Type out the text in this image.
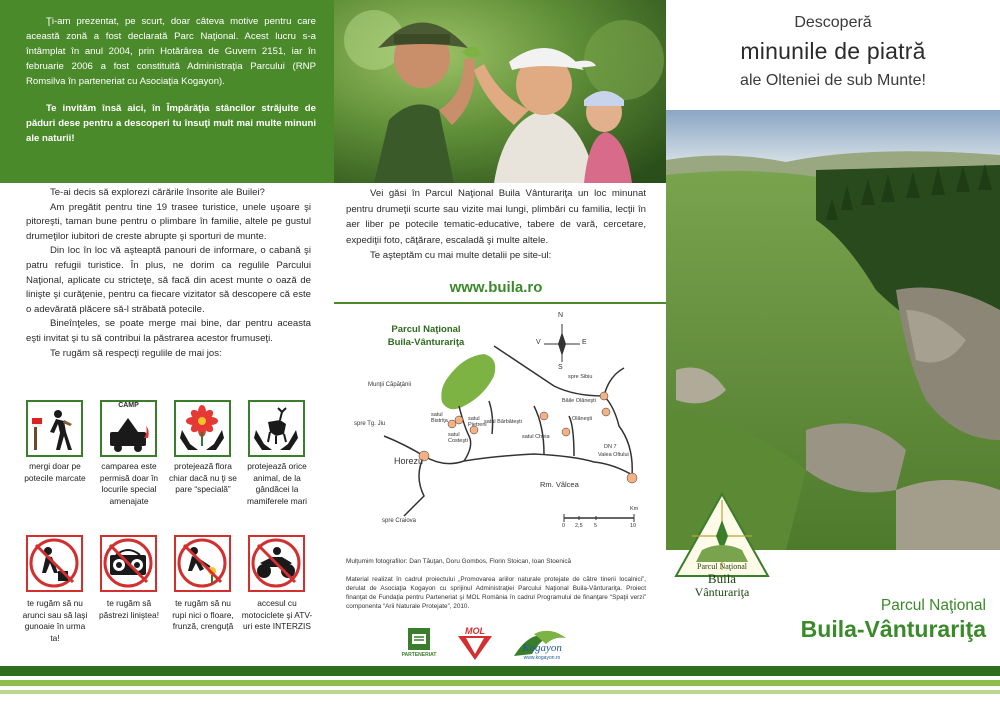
Ţi-am prezentat, pe scurt, doar câteva motive pentru care această zonă a fost declarată Parc Naţional. Acest lucru s-a întâmplat în anul 2004, prin Hotărârea de Guvern 2151, iar în februarie 2006 a fost constituită Administraţia Parcului (RNP Romsilva în parteneriat cu Asociaţia Kogayon).

Te invităm însă aici, în Împărăţia stâncilor străjuite de păduri dese pentru a descoperi tu însuţi mult mai multe minuni ale naturii!

Descoperă
minunile de piatră
ale Olteniei de sub Munte!
Parcul Naţional
Buila
Vânturariţa
Parcul Naţional
Buila-Vânturariţa

Te-ai decis să explorezi cărările însorite ale Builei?

Am pregătit pentru tine 19 trasee turistice, unele uşoare şi pitoreşti, taman bune pentru o plimbare în familie, altele pe gustul drumeţilor iubitori de creste abrupte şi sporturi de munte.

Din loc în loc vă aşteaptă panouri de informare, o cabană şi patru refugii turistice. În plus, ne dorim ca regulile Parcului Naţional, aplicate cu stricteţe, să facă din acest munte o oază de linişte şi curăţenie, pentru ca fiecare vizitator să descopere că este o adevărată plăcere să-l străbată potecile.

Bineînţeles, se poate merge mai bine, dar pentru aceasta eşti invitat şi tu să contribui la păstrarea acestor frumuseţi.

Te rugăm să respecţi regulile de mai jos:

CAMP
mergi doar pe potecile marcate
camparea este permisă doar în locurile special amenajate
protejează flora chiar dacă nu ţi se pare “specială”
protejează orice animal, de la gândăcei la mamiferele mari
te rugăm să nu arunci sau să laşi gunoaie în urma ta!
te rugăm să păstrezi liniştea!
te rugăm să nu rupi nici o floare, frunză, crenguţă
accesul cu motociclete şi ATV-uri este INTERZIS

Vei găsi în Parcul Naţional Buila Vânturariţa un loc minunat pentru drumeţii scurte sau vizite mai lungi, plimbări cu familia, lecţii în aer liber pe potecile tematic-educative, tabere de vară, cercetare, expediţii foto, căţărare, escaladă şi multe altele.

Te aşteptăm cu mai multe detalii pe site-ul:

www.buila.ro
Parcul Naţional
Buila-Vânturariţa
Munţii Căpăţânii
spre Tg. Jiu
Horezu
spre Craiova
satul Bistriţa	satul Pietreni
satul Costeşti
satul Bărbăteşti
satul Cheia
spre Sibiu
Băile Olăneşti
Olăneşti
DN 7
Valea Oltului
Rm. Vâlcea
N
S
E
V
Km
0 2,5 5	10
Mulţumim fotografilor: Dan Tăuţan, Doru Gombos, Florin Stoican, Ioan Stoenică
Material realizat în cadrul proiectului „Promovarea ariilor naturale protejate de către tinerii localnici”, derulat de Asociaţia Kogayon cu sprijinul Administraţiei Parcului Naţional Buila-Vânturariţa. Proiect finanţat de Fundaţia pentru Parteneriat şi MOL România în cadrul Programului de finanţare “Spaţii verzi” componenta “Arii Naturale Protejate”, 2010.
PARTENERIAT
MOL
Kogayon
www.kogayon.ro
